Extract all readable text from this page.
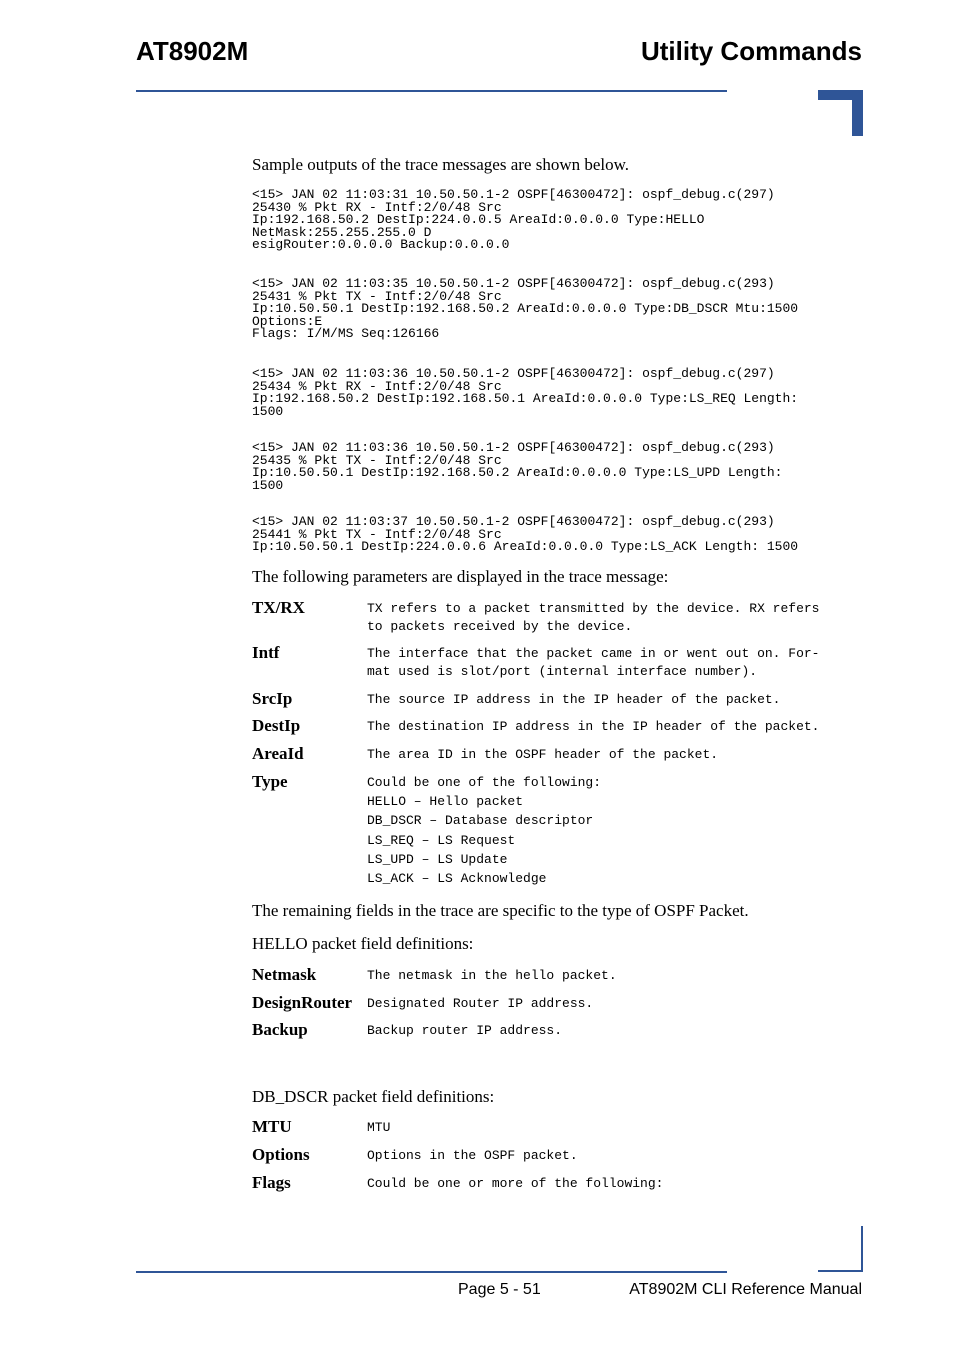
AT8902M	Utility Commands
Sample outputs of the trace messages are shown below.
<15> JAN 02 11:03:31 10.50.50.1-2 OSPF[46300472]: ospf_debug.c(297)
25430 % Pkt RX - Intf:2/0/48 Src
Ip:192.168.50.2 DestIp:224.0.0.5 AreaId:0.0.0.0 Type:HELLO
NetMask:255.255.255.0 D
esigRouter:0.0.0.0 Backup:0.0.0.0
<15> JAN 02 11:03:35 10.50.50.1-2 OSPF[46300472]: ospf_debug.c(293)
25431 % Pkt TX - Intf:2/0/48 Src
Ip:10.50.50.1 DestIp:192.168.50.2 AreaId:0.0.0.0 Type:DB_DSCR Mtu:1500
Options:E
Flags: I/M/MS Seq:126166
<15> JAN 02 11:03:36 10.50.50.1-2 OSPF[46300472]: ospf_debug.c(297)
25434 % Pkt RX - Intf:2/0/48 Src
Ip:192.168.50.2 DestIp:192.168.50.1 AreaId:0.0.0.0 Type:LS_REQ Length:
1500
<15> JAN 02 11:03:36 10.50.50.1-2 OSPF[46300472]: ospf_debug.c(293)
25435 % Pkt TX - Intf:2/0/48 Src
Ip:10.50.50.1 DestIp:192.168.50.2 AreaId:0.0.0.0 Type:LS_UPD Length:
1500
<15> JAN 02 11:03:37 10.50.50.1-2 OSPF[46300472]: ospf_debug.c(293)
25441 % Pkt TX - Intf:2/0/48 Src
Ip:10.50.50.1 DestIp:224.0.0.6 AreaId:0.0.0.0 Type:LS_ACK Length: 1500
The following parameters are displayed in the trace message:
TX/RX	TX refers to a packet transmitted by the device. RX refers
to packets received by the device.
Intf	The interface that the packet came in or went out on. For-
mat used is slot/port (internal interface number).
SrcIp	The source IP address in the IP header of the packet.
DestIp	The destination IP address in the IP header of the packet.
AreaId	The area ID in the OSPF header of the packet.
Type	Could be one of the following:
HELLO – Hello packet
DB_DSCR – Database descriptor
LS_REQ – LS Request
LS_UPD – LS Update
LS_ACK – LS Acknowledge
The remaining fields in the trace are specific to the type of OSPF Packet.
HELLO packet field definitions:
Netmask	The netmask in the hello packet.
DesignRouter Designated Router IP address.
Backup	Backup router IP address.
DB_DSCR packet field definitions:
MTU	MTU
Options	Options in the OSPF packet.
Flags	Could be one or more of the following:
Page 5 - 51	AT8902M CLI Reference Manual
